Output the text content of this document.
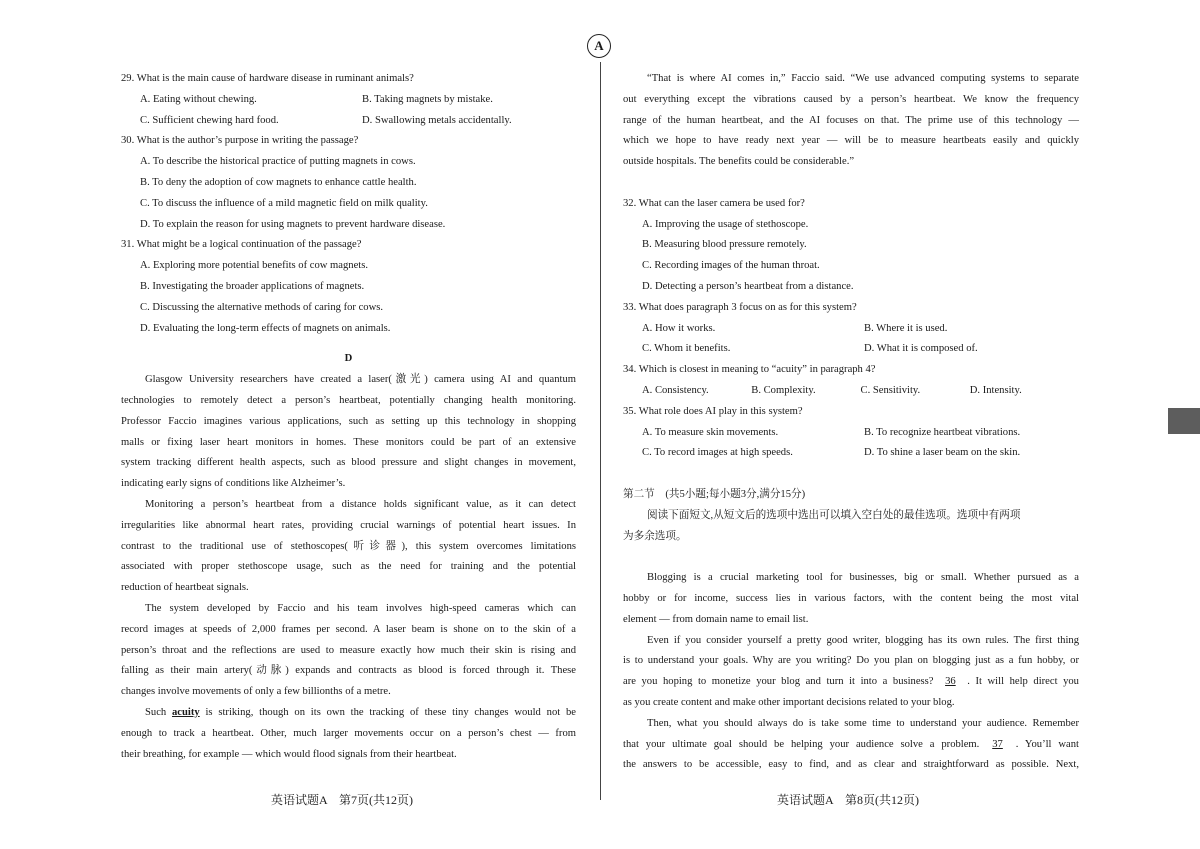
A
29. What is the main cause of hardware disease in ruminant animals?
A. Eating without chewing.	B. Taking magnets by mistake.
C. Sufficient chewing hard food.	D. Swallowing metals accidentally.
30. What is the author’s purpose in writing the passage?
A. To describe the historical practice of putting magnets in cows.
B. To deny the adoption of cow magnets to enhance cattle health.
C. To discuss the influence of a mild magnetic field on milk quality.
D. To explain the reason for using magnets to prevent hardware disease.
31. What might be a logical continuation of the passage?
A. Exploring more potential benefits of cow magnets.
B. Investigating the broader applications of magnets.
C. Discussing the alternative methods of caring for cows.
D. Evaluating the long-term effects of magnets on animals.
D
Glasgow University researchers have created a laser(激光) camera using AI and quantum
technologies to remotely detect a person’s heartbeat, potentially changing health monitoring.
Professor Faccio imagines various applications, such as setting up this technology in shopping
malls or fixing laser heart monitors in homes. These monitors could be part of an extensive
system tracking different health aspects, such as blood pressure and slight changes in movement,
indicating early signs of conditions like Alzheimer’s.
Monitoring a person’s heartbeat from a distance holds significant value, as it can detect
irregularities like abnormal heart rates, providing crucial warnings of potential heart issues. In
contrast to the traditional use of stethoscopes(听诊器), this system overcomes limitations
associated with proper stethoscope usage, such as the need for training and the potential
reduction of heartbeat signals.
The system developed by Faccio and his team involves high-speed cameras which can
record images at speeds of 2,000 frames per second. A laser beam is shone on to the skin of a
person’s throat and the reflections are used to measure exactly how much their skin is rising and
falling as their main artery(动脉) expands and contracts as blood is forced through it. These
changes involve movements of only a few billionths of a metre.
Such acuity is striking, though on its own the tracking of these tiny changes would not be
enough to track a heartbeat. Other, much larger movements occur on a person’s chest — from
their breathing, for example — which would flood signals from their heartbeat.
“That is where AI comes in,” Faccio said. “We use advanced computing systems to separate
out everything except the vibrations caused by a person’s heartbeat. We know the frequency
range of the human heartbeat, and the AI focuses on that. The prime use of this technology —
which we hope to have ready next year — will be to measure heartbeats easily and quickly
outside hospitals. The benefits could be considerable.”
32. What can the laser camera be used for?
A. Improving the usage of stethoscope.
B. Measuring blood pressure remotely.
C. Recording images of the human throat.
D. Detecting a person’s heartbeat from a distance.
33. What does paragraph 3 focus on as for this system?
A. How it works.	B. Where it is used.
C. Whom it benefits.	D. What it is composed of.
34. Which is closest in meaning to “acuity” in paragraph 4?
A. Consistency.	B. Complexity.	C. Sensitivity.	D. Intensity.
35. What role does AI play in this system?
A. To measure skin movements.	B. To recognize heartbeat vibrations.
C. To record images at high speeds.	D. To shine a laser beam on the skin.
第二节　(共5小题;每小题3分,满分15分)
阅读下面短文,从短文后的选项中选出可以填入空白处的最佳选项。选项中有两项
为多余选项。
Blogging is a crucial marketing tool for businesses, big or small. Whether pursued as a
hobby or for income, success lies in various factors, with the content being the most vital
element — from domain name to email list.
Even if you consider yourself a pretty good writer, blogging has its own rules. The first thing
is to understand your goals. Why are you writing? Do you plan on blogging just as a fun hobby, or
are you hoping to monetize your blog and turn it into a business? 36 . It will help direct you
as you create content and make other important decisions related to your blog.
Then, what you should always do is take some time to understand your audience. Remember
that your ultimate goal should be helping your audience solve a problem. 37 . You’ll want
the answers to be accessible, easy to find, and as clear and straightforward as possible. Next,
英语试题A　第7页(共12页)	英语试题A　第8页(共12页)
